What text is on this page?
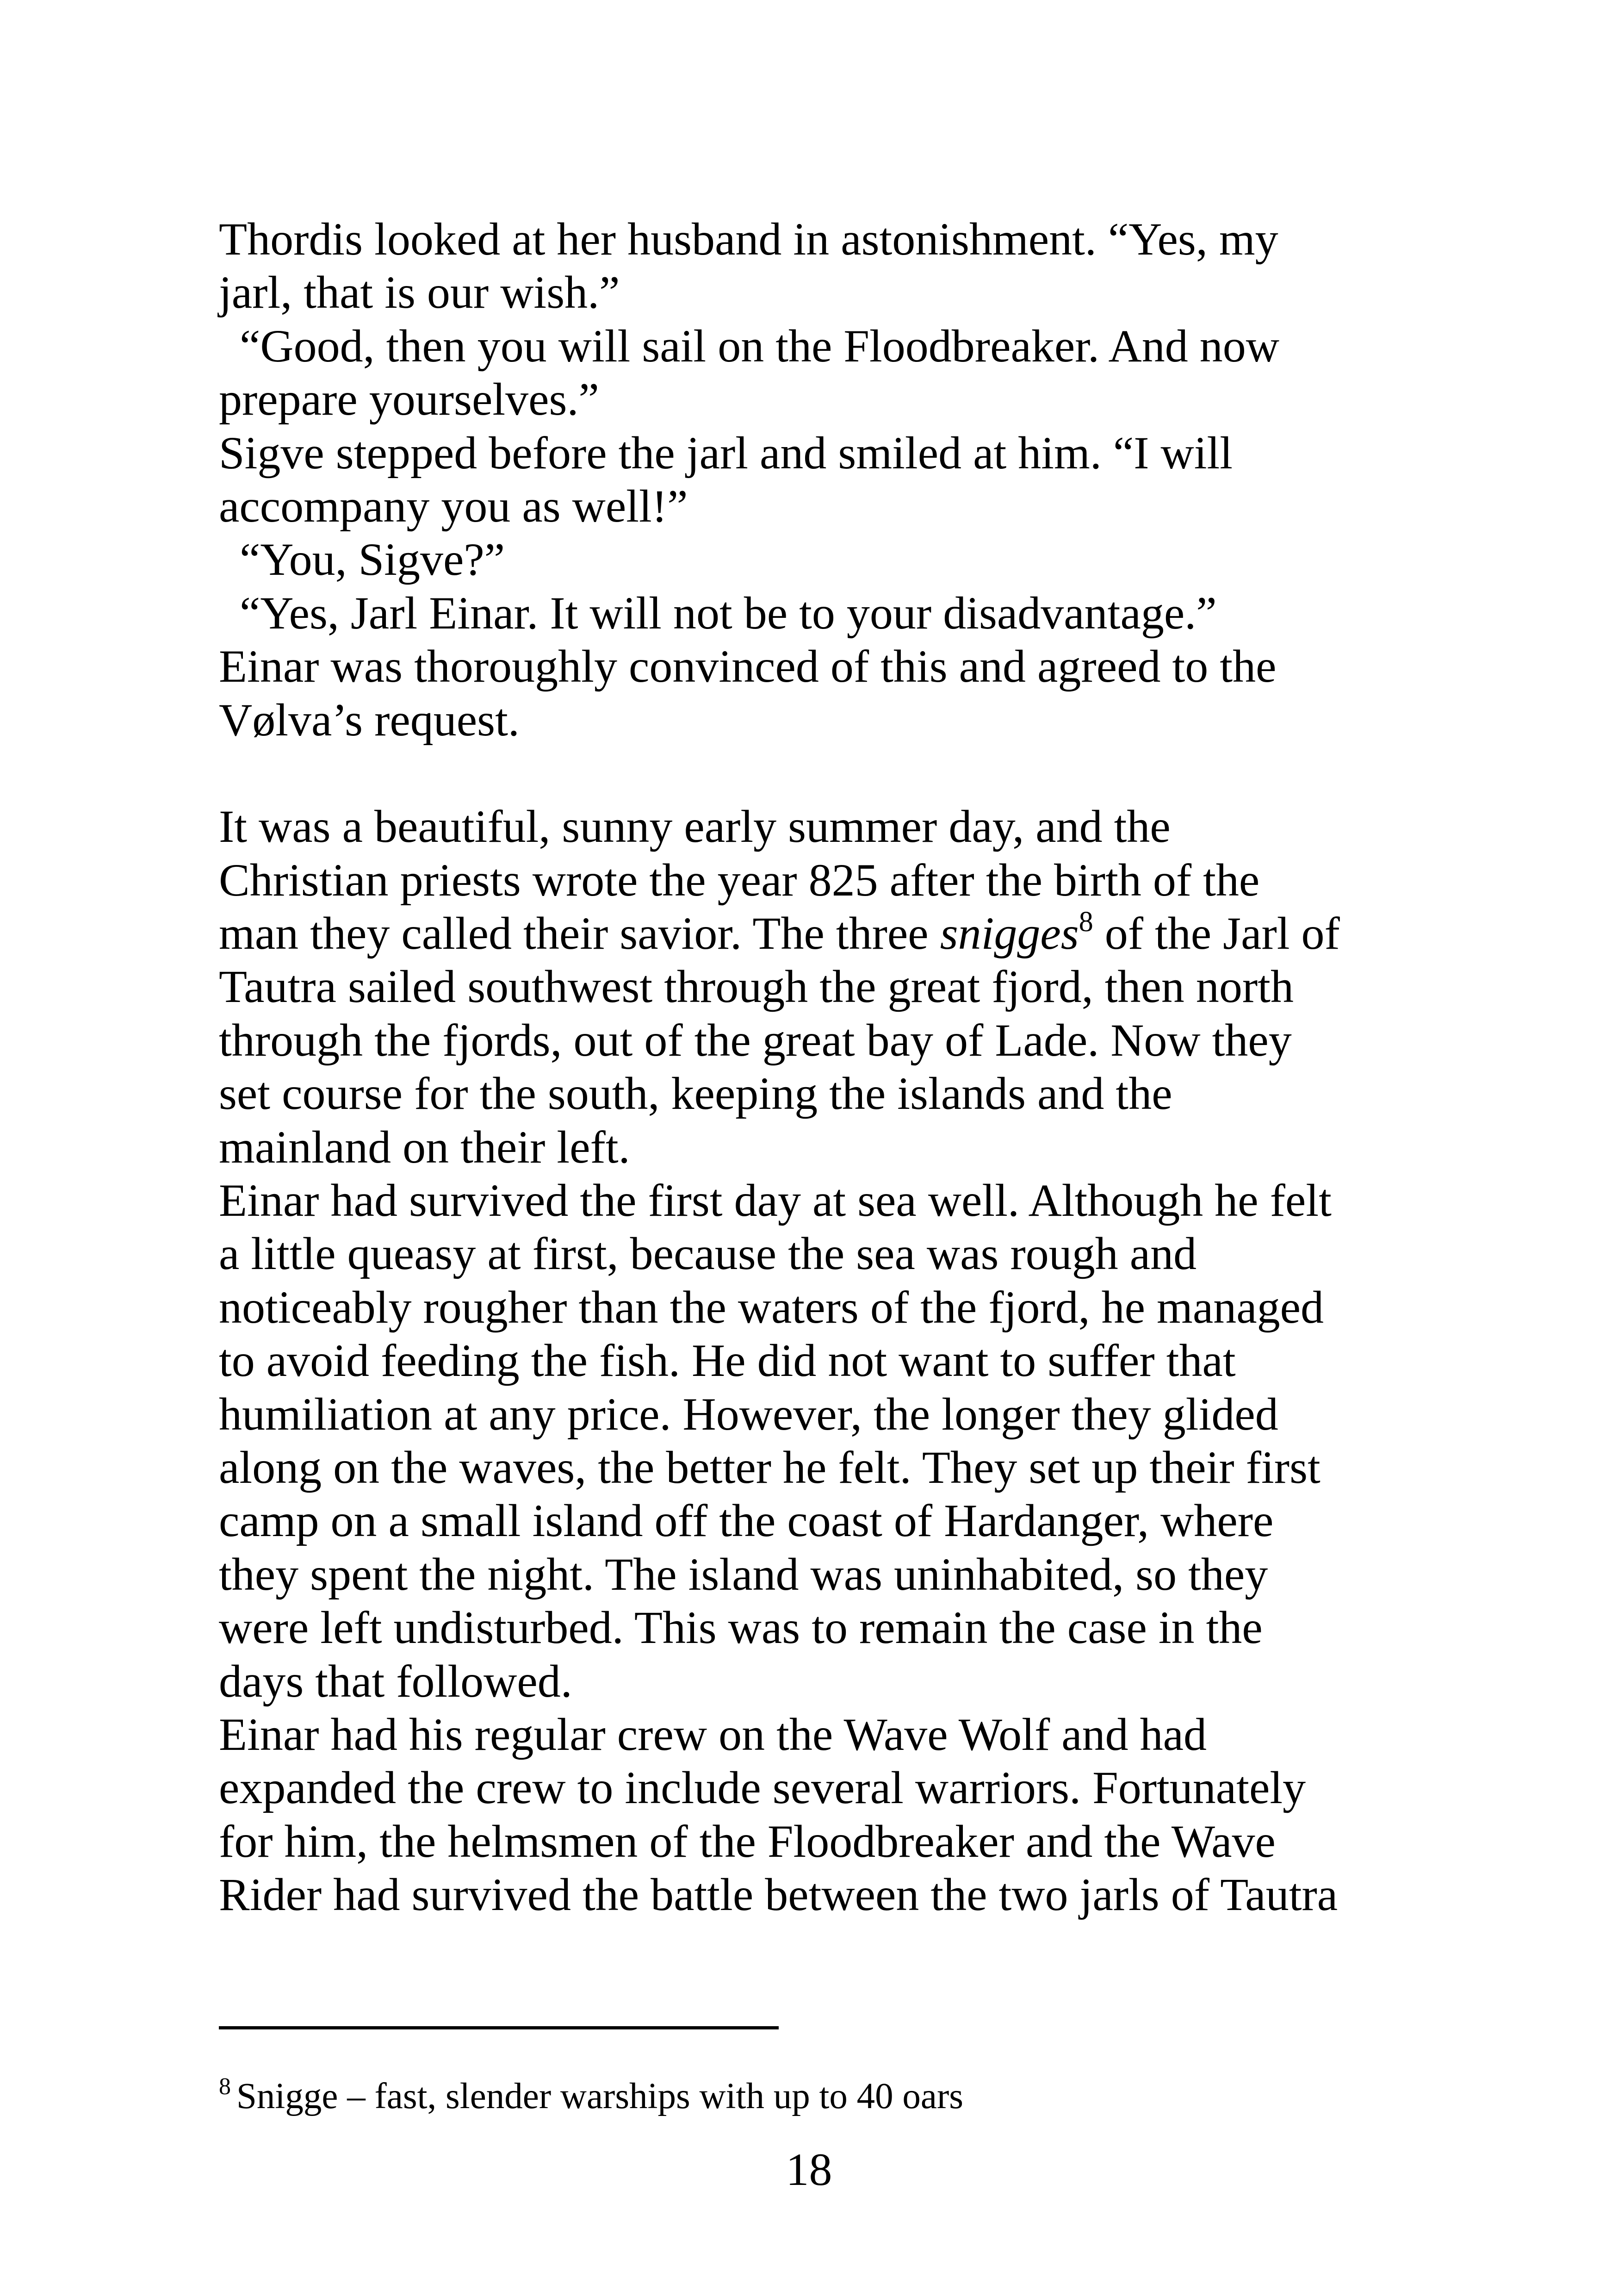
Thordis looked at her husband in astonishment. “Yes, my
jarl, that is our wish.”
“Good, then you will sail on the Floodbreaker. And now
prepare yourselves.”
Sigve stepped before the jarl and smiled at him. “I will
accompany you as well!”
“You, Sigve?”
“Yes, Jarl Einar. It will not be to your disadvantage.”
Einar was thoroughly convinced of this and agreed to the
Vølva’s request.
It was a beautiful, sunny early summer day, and the
Christian priests wrote the year 825 after the birth of the
man they called their savior. The three snigges$^8$ of the Jarl of
Tautra sailed southwest through the great fjord, then north
through the fjords, out of the great bay of Lade. Now they
set course for the south, keeping the islands and the
mainland on their left.
Einar had survived the first day at sea well. Although he felt
a little queasy at first, because the sea was rough and
noticeably rougher than the waters of the fjord, he managed
to avoid feeding the fish. He did not want to suffer that
humiliation at any price. However, the longer they glided
along on the waves, the better he felt. They set up their first
camp on a small island off the coast of Hardanger, where
they spent the night. The island was uninhabited, so they
were left undisturbed. This was to remain the case in the
days that followed.
Einar had his regular crew on the Wave Wolf and had
expanded the crew to include several warriors. Fortunately
for him, the helmsmen of the Floodbreaker and the Wave
Rider had survived the battle between the two jarls of Tautra
$^8$ Snigge – fast, slender warships with up to 40 oars
18
